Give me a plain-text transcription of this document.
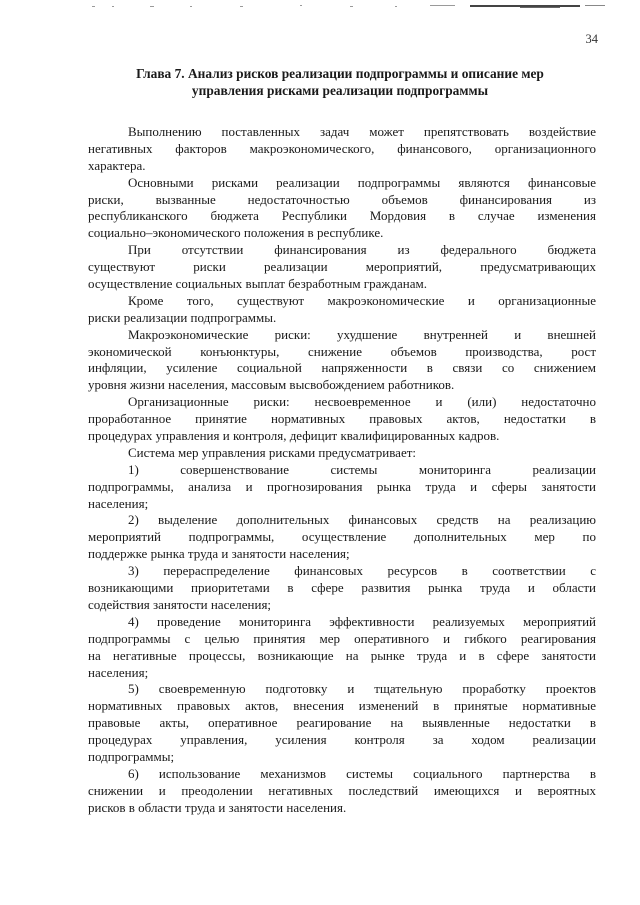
34
Глава 7. Анализ рисков реализации подпрограммы и описание мер
управления рисками реализации подпрограммы
Выполнению поставленных задач может препятствовать воздействие
негативных факторов макроэкономического, финансового, организационного
характера.
Основными рисками реализации подпрограммы являются финансовые
риски, вызванные недостаточностью объемов финансирования из
республиканского бюджета Республики Мордовия в случае изменения
социально–экономического положения в республике.
При отсутствии финансирования из федерального бюджета
существуют риски реализации мероприятий, предусматривающих
осуществление социальных выплат безработным гражданам.
Кроме того, существуют макроэкономические и организационные
риски реализации подпрограммы.
Макроэкономические риски: ухудшение внутренней и внешней
экономической конъюнктуры, снижение объемов производства, рост
инфляции, усиление социальной напряженности в связи со снижением
уровня жизни населения, массовым высвобождением работников.
Организационные риски: несвоевременное и (или) недостаточно
проработанное принятие нормативных правовых актов, недостатки в
процедурах управления и контроля, дефицит квалифицированных кадров.
Система мер управления рисками предусматривает:
1) совершенствование системы мониторинга реализации
подпрограммы, анализа и прогнозирования рынка труда и сферы занятости
населения;
2) выделение дополнительных финансовых средств на реализацию
мероприятий подпрограммы, осуществление дополнительных мер по
поддержке рынка труда и занятости населения;
3) перераспределение финансовых ресурсов в соответствии с
возникающими приоритетами в сфере развития рынка труда и области
содействия занятости населения;
4) проведение мониторинга эффективности реализуемых мероприятий
подпрограммы с целью принятия мер оперативного и гибкого реагирования
на негативные процессы, возникающие на рынке труда и в сфере занятости
населения;
5) своевременную подготовку и тщательную проработку проектов
нормативных правовых актов, внесения изменений в принятые нормативные
правовые акты, оперативное реагирование на выявленные недостатки в
процедурах управления, усиления контроля за ходом реализации
подпрограммы;
6) использование механизмов системы социального партнерства в
снижении и преодолении негативных последствий имеющихся и вероятных
рисков в области труда и занятости населения.
